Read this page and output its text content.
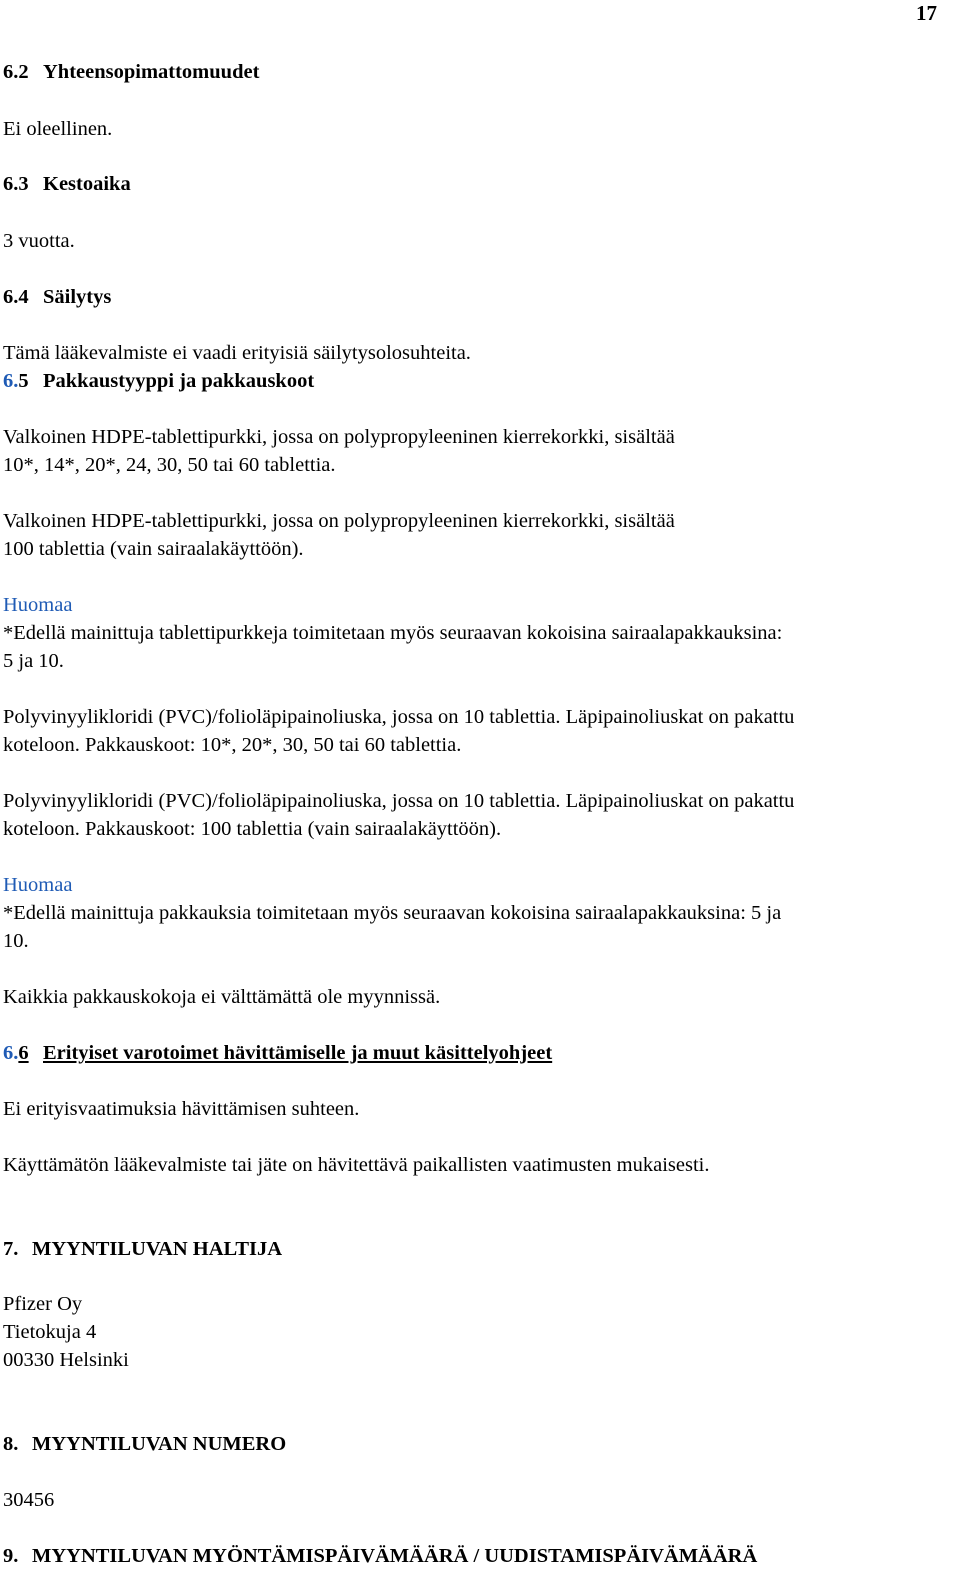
17
6.2 Yhteensopimattomuudet
Ei oleellinen.
6.3 Kestoaika
3 vuotta.
6.4 Säilytys
Tämä lääkevalmiste ei vaadi erityisiä säilytysolosuhteita.
6.5 Pakkaustyyppi ja pakkauskoot
Valkoinen HDPE-tablettipurkki, jossa on polypropyleeninen kierrekorkki, sisältää
10*, 14*, 20*, 24, 30, 50 tai 60 tablettia.
Valkoinen HDPE-tablettipurkki, jossa on polypropyleeninen kierrekorkki, sisältää
100 tablettia (vain sairaalakäyttöön).
Huomaa
*Edellä mainittuja tablettipurkkeja toimitetaan myös seuraavan kokoisina sairaalapakkauksina:
5 ja 10.
Polyvinyylikloridi (PVC)/folioläpipainoliuska, jossa on 10 tablettia. Läpipainoliuskat on pakattu
koteloon. Pakkauskoot: 10*, 20*, 30, 50 tai 60 tablettia.
Polyvinyylikloridi (PVC)/folioläpipainoliuska, jossa on 10 tablettia. Läpipainoliuskat on pakattu
koteloon. Pakkauskoot: 100 tablettia (vain sairaalakäyttöön).
Huomaa
*Edellä mainittuja pakkauksia toimitetaan myös seuraavan kokoisina sairaalapakkauksina: 5 ja
10.
Kaikkia pakkauskokoja ei välttämättä ole myynnissä.
6.6 Erityiset varotoimet hävittämiselle ja muut käsittelyohjeet
Ei erityisvaatimuksia hävittämisen suhteen.
Käyttämätön lääkevalmiste tai jäte on hävitettävä paikallisten vaatimusten mukaisesti.
7. MYYNTILUVAN HALTIJA
Pfizer Oy
Tietokuja 4
00330 Helsinki
8. MYYNTILUVAN NUMERO
30456
9. MYYNTILUVAN MYÖNTÄMISPÄIVÄMÄÄRÄ / UUDISTAMISPÄIVÄMÄÄRÄ
